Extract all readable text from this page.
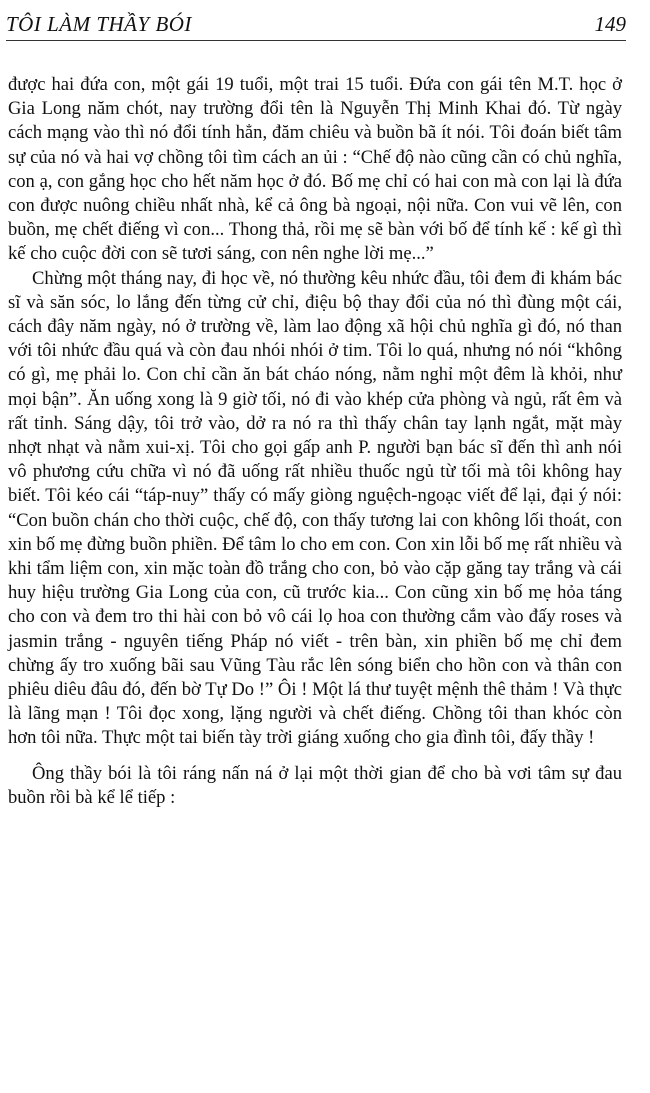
TÔI LÀM THẦY BÓI	149

được hai đứa con, một gái 19 tuổi, một trai 15 tuổi. Đứa con gái tên M.T. học ở Gia Long năm chót, nay trường đổi tên là Nguyễn Thị Minh Khai đó. Từ ngày cách mạng vào thì nó đổi tính hẳn, đăm chiêu và buồn bã ít nói. Tôi đoán biết tâm sự của nó và hai vợ chồng tôi tìm cách an ủi : “Chế độ nào cũng cần có chủ nghĩa, con ạ, con gắng học cho hết năm học ở đó. Bố mẹ chỉ có hai con mà con lại là đứa con được nuông chiều nhất nhà, kể cả ông bà ngoại, nội nữa. Con vui vẽ lên, con buồn, mẹ chết điếng vì con... Thong thả, rồi mẹ sẽ bàn với bố để tính kế : kế gì thì kế cho cuộc đời con sẽ tươi sáng, con nên nghe lời mẹ...”

Chừng một tháng nay, đi học về, nó thường kêu nhức đầu, tôi đem đi khám bác sĩ và săn sóc, lo lắng đến từng cử chỉ, điệu bộ thay đổi của nó thì đùng một cái, cách đây năm ngày, nó ở trường về, làm lao động xã hội chủ nghĩa gì đó, nó than với tôi nhức đầu quá và còn đau nhói nhói ở tim. Tôi lo quá, nhưng nó nói “không có gì, mẹ phải lo. Con chỉ cần ăn bát cháo nóng, nằm nghỉ một đêm là khỏi, như mọi bận”. Ăn uống xong là 9 giờ tối, nó đi vào khép cửa phòng và ngủ, rất êm và rất tỉnh. Sáng dậy, tôi trở vào, dở ra nó ra thì thấy chân tay lạnh ngắt, mặt mày nhợt nhạt và nằm xui-xị. Tôi cho gọi gấp anh P. người bạn bác sĩ đến thì anh nói vô phương cứu chữa vì nó đã uống rất nhiều thuốc ngủ từ tối mà tôi không hay biết. Tôi kéo cái “táp-nuy” thấy có mấy giòng nguệch-ngoạc viết để lại, đại ý nói: “Con buồn chán cho thời cuộc, chế độ, con thấy tương lai con không lối thoát, con xin bố mẹ đừng buồn phiền. Để tâm lo cho em con. Con xin lỗi bố mẹ rất nhiều và khi tẩm liệm con, xin mặc toàn đồ trắng cho con, bỏ vào cặp găng tay trắng và cái huy hiệu trường Gia Long của con, cũ trước kia... Con cũng xin bố mẹ hỏa táng cho con và đem tro thi hài con bỏ vô cái lọ hoa con thường cắm vào đấy roses và jasmin trắng - nguyên tiếng Pháp nó viết - trên bàn, xin phiền bố mẹ chỉ đem chừng ấy tro xuống bãi sau Vũng Tàu rắc lên sóng biển cho hồn con và thân con phiêu diêu đâu đó, đến bờ Tự Do !” Ôi ! Một lá thư tuyệt mệnh thê thảm ! Và thực là lãng mạn ! Tôi đọc xong, lặng người và chết điếng. Chồng tôi than khóc còn hơn tôi nữa. Thực một tai biến tày trời giáng xuống cho gia đình tôi, đấy thầy !

Ông thầy bói là tôi ráng nấn ná ở lại một thời gian để cho bà vơi tâm sự đau buồn rồi bà kể lể tiếp :
